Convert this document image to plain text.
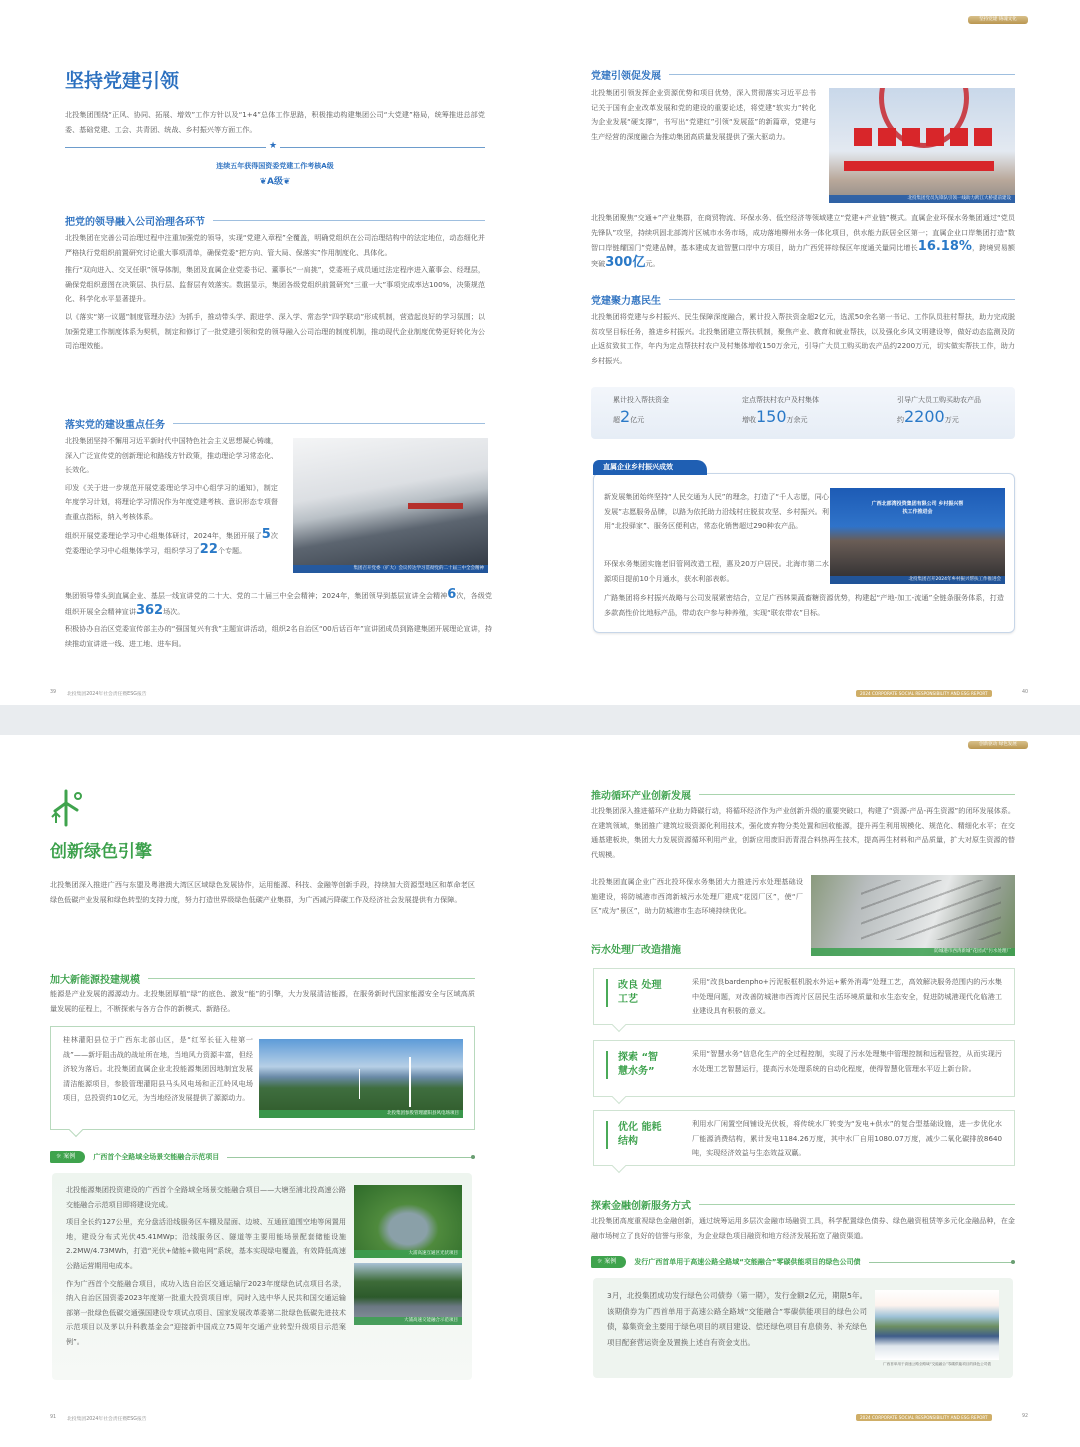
坚持党建引领
北投集团围绕“正风、协同、拓展、增效”工作方针以及“1+4”总体工作思路，积极推动构建集团公司“大党建”格局，统筹推进总部党委、基础党建、工会、共青团、统战、乡村振兴等方面工作。
★
连续五年获得国资委党建工作考核A级
❦A级❦
把党的领导融入公司治理各环节

北投集团在完善公司治理过程中注重加强党的领导，实现“党建入章程”全覆盖，明确党组织在公司治理结构中的法定地位，动态细化并严格执行党组织前置研究讨论重大事项清单，确保党委“把方向、管大局、保落实”作用制度化、具体化。

推行“双向进入、交叉任职”领导体制，集团及直属企业党委书记、董事长“一肩挑”，党委班子成员通过法定程序进入董事会、经理层，确保党组织意图在决策层、执行层、监督层有效落实。数据显示，集团各级党组织前置研究“三重一大”事项完成率达100%，决策规范化、科学化水平显著提升。

以《落实“第一议题”制度管理办法》为抓手，推动带头学、跟进学、深入学、常态学“四学联动”形成机制，营造起良好的学习氛围；以加强党建工作制度体系为契机，制定和修订了一批党建引领和党的领导融入公司治理的制度机制，推动现代企业制度优势更好转化为公司治理效能。

落实党的建设重点任务

北投集团坚持不懈用习近平新时代中国特色社会主义思想凝心铸魂，深入广泛宣传党的创新理论和路线方针政策，推动理论学习常态化、长效化。

印发《关于进一步规范开展党委理论学习中心组学习的通知》，制定年度学习计划，将理论学习情况作为年度党建考核、意识形态专项督查重点指标，纳入考核体系。

组织开展党委理论学习中心组集体研讨，2024年，集团开展了5次党委理论学习中心组集体学习，组织学习了22个专题。

集团召开党委（扩大）会议传达学习贯彻党的二十届三中全会精神

集团领导带头到直属企业、基层一线宣讲党的二十大、党的二十届三中全会精神；2024年，集团领导到基层宣讲全会精神6次，各级党组织开展全会精神宣讲362场次。

积极协办自治区党委宣传部主办的“强国复兴有我”主题宣讲活动，组织2名自治区“00后话百年”宣讲团成员到路建集团开展理论宣讲，持续推动宣讲进一线、进工地、进车间。

39 北投集团2024年社会责任暨ESG报告
坚持党建 铸魂文化
党建引领促发展
北投集团引领发挥企业资源优势和项目优势，深入贯彻落实习近平总书记关于国有企业改革发展和党的建设的重要论述，将党建“软实力”转化为企业发展“硬支撑”，书写出“党建红”引领“发展蓝”的新篇章，党建与生产经营的深度融合为推动集团高质量发展提供了强大驱动力。
北投集团党员先锋队引领一线助力跨江大桥提前建设

北投集团聚焦“交通+”产业集群，在商贸物流、环保水务、低空经济等领域建立“党建+产业链”模式。直属企业环保水务集团通过“党员先锋队”攻坚，持续巩固北部湾片区城市水务市场，成功落地柳州水务一体化项目，供水能力跃居全区第一；直属企业口岸集团打造“数智口岸链耀国门”党建品牌，基本建成友谊智慧口岸中方项目，助力广西凭祥综保区年度通关量同比增长16.18%，跨境贸易额突破300亿元。

党建聚力惠民生
北投集团将党建与乡村振兴、民生保障深度融合，累计投入帮扶资金超2亿元，选派50余名第一书记、工作队员驻村帮扶，助力完成脱贫攻坚目标任务，推进乡村振兴。北投集团建立帮扶机制，聚焦产业、教育和就业帮扶，以及强化乡风文明建设等，做好动态监测及防止返贫致贫工作，年内为定点帮扶村农户及村集体增收150万余元，引导广大员工购买助农产品约2200万元，切实做实帮扶工作，助力乡村振兴。
累计投入帮扶资金
超2亿元
定点帮扶村农户及村集体
增收150万余元
引导广大员工购买助农产品
约2200万元
新发展集团始终坚持“人民交通为人民”的理念，打造了“千人志愿，同心发展”志愿服务品牌，以路为依托助力沿线村庄脱贫攻坚、乡村振兴。利用“北投驿家”、服务区便利店，常态化销售超过290种农产品。
环保水务集团实施老旧管网改造工程，惠及20万户居民。北海市第二水源项目提前10个月通水，获水利部表彰。
广路集团将乡村振兴战略与公司发展紧密结合，立足广西林果蔬畜糖资源优势，构建起“产地-加工-流通”全链条服务体系，打造多款高性价比地标产品，带动农户参与种养殖，实现“联农带农”目标。
广西北部湾投资集团有限公司 乡村振兴帮扶工作推进会
北投集团召开2024年乡村振兴帮扶工作推进会
直属企业乡村振兴成效
2024 CORPORATE SOCIAL RESPONSIBILITY AND ESG REPORT	40
创新绿色引擎
北投集团深入推进广西与东盟及粤港澳大湾区区域绿色发展协作，运用能源、科技、金融等创新手段，持续加大资源型地区和革命老区绿色低碳产业发展和绿色转型的支持力度，努力打造世界级绿色低碳产业集群，为广西减污降碳工作及经济社会发展提供有力保障。
加大新能源投建规模
能源是产业发展的源源动力。北投集团厚植“绿”的底色、激发“能”的引擎，大力发展清洁能源，在服务新时代国家能源安全与区域高质量发展的征程上，不断探索与各方合作的新模式、新路径。
桂林灌阳县位于广西东北部山区，是“红军长征入桂第一战”——新圩阻击战的战址所在地，当地风力资源丰富，但经济较为落后。北投集团直属企业北投能源集团因地制宜发展清洁能源项目，参股管理灌阳县马头风电场和正江岭风电场项目，总投资约10亿元，为当地经济发展提供了源源动力。
北投集团参股管理灌阳县风电场项目
☼ 案例	广西首个全路域全场景交能融合示范项目

北投能源集团投资建设的广西首个全路域全场景交能融合项目——大塘至浦北投高速公路交能融合示范项目即将建设完成。

项目全长约127公里，充分盘活沿线服务区车棚及屋面、边坡、互通匝道围空地等闲置用地，建设分布式光伏45.41MWp；沿线服务区、隧道等主要用能场景配套储能设施2.2MW/4.73MWh，打造“光伏+储能+微电网”系统，基本实现绿电覆盖，有效降低高速公路运营期用电成本。

作为广西首个交能融合项目，成功入选自治区交通运输厅2023年度绿色试点项目名录，纳入自治区国资委2023年度第一批重大投资项目库，同时入选中华人民共和国交通运输部第一批绿色低碳交通强国建设专项试点项目、国家发展改革委第二批绿色低碳先进技术示范项目以及茅以升科教基金会“迎接新中国成立75周年交通产业转型升级项目示范案例”。

大浦高速互通区光伏项目
大浦高速交能融合示范项目
91 北投集团2024年社会责任暨ESG报告
创新驱动 绿色发展
推动循环产业创新发展
北投集团深入推进循环产业助力降碳行动，将循环经济作为产业创新升级的重要突破口，构建了“资源-产品-再生资源”的闭环发展体系。在建筑领域，集团推广建筑垃圾资源化利用技术，强化废弃物分类处置和回收能源，提升再生利用规模化、规范化、精细化水平；在交通基建板块，集团大力发展资源循环利用产业，创新应用废旧沥青混合料热再生技术，提高再生材料和产品质量，扩大对原生资源的替代规模。
北投集团直属企业广西北投环保水务集团大力推进污水处理基础设施建设，将防城港市西湾新城污水处理厂建成“花园厂区”，使“厂区”成为“景区”，助力防城港市生态环境持续优化。
防城港市西湾新城“花园式”污水处理厂
污水处理厂改造措施
改良 处理工艺
采用“改良bardenpho+污泥板框机脱水外运+紫外消毒”处理工艺，高效解决服务范围内的污水集中处理问题，对改善防城港市西湾片区居民生活环境质量和水生态安全，促进防城港现代化临港工业建设具有积极的意义。
探索 “智慧水务”
采用“智慧水务”信息化生产的全过程控制，实现了污水处理集中管理控制和远程管控，从而实现污水处理工艺智慧运行，提高污水处理系统的自动化程度，使得智慧化管理水平迈上新台阶。
优化 能耗结构
利用水厂闲置空间铺设光伏板，将传统水厂转变为“发电+供水”的复合型基础设施，进一步优化水厂能源消费结构，累计发电1184.26万度，其中水厂自用1080.07万度，减少二氧化碳排放8640吨，实现经济效益与生态效益双赢。
探索金融创新服务方式
北投集团高度重视绿色金融创新，通过统筹运用多层次金融市场融资工具，科学配置绿色债券、绿色融资租赁等多元化金融品种，在金融市场树立了良好的信誉与形象，为企业绿色项目融资和地方经济发展拓宽了融资渠道。
☼ 案例	发行广西首单用于高速公路全路域“交能融合”零碳供能项目的绿色公司债
3月，北投集团成功发行绿色公司债券（第一期），发行金额2亿元，期限5年。该期债券为广西首单用于高速公路全路域“交能融合”零碳供能项目的绿色公司债，募集资金主要用于绿色项目的项目建设、偿还绿色项目有息债务、补充绿色项目配套营运资金及置换上述自有资金支出。
广西首单用于高速公路全路域“交能融合”零碳供能项目的绿色公司债
2024 CORPORATE SOCIAL RESPONSIBILITY AND ESG REPORT	92
